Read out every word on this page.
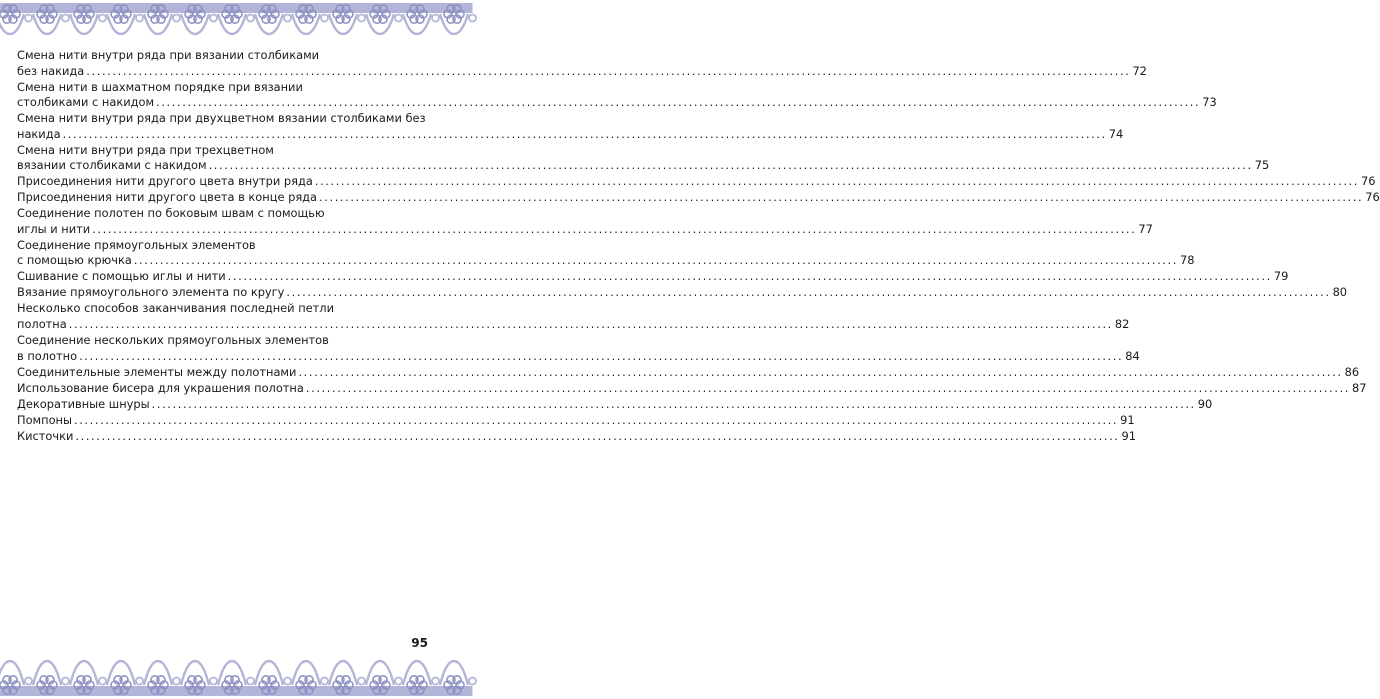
Смена нити внутри ряда при вязании столбиками
без накида ........................................................................................................................................................................................................ 72
Смена нити в шахматном порядке при вязании
столбиками с накидом ........................................................................................................................................................................................................ 73
Смена нити внутри ряда при двухцветном вязании столбиками без
накида ........................................................................................................................................................................................................ 74
Смена нити внутри ряда при трехцветном
вязании столбиками с накидом ........................................................................................................................................................................................................ 75
Присоединения нити другого цвета внутри ряда ........................................................................................................................................................................................................ 76
Присоединения нити другого цвета в конце ряда ........................................................................................................................................................................................................ 76
Соединение полотен по боковым швам с помощью
иглы и нити ........................................................................................................................................................................................................ 77
Соединение прямоугольных элементов
с помощью крючка ........................................................................................................................................................................................................ 78
Сшивание с помощью иглы и нити ........................................................................................................................................................................................................ 79
Вязание прямоугольного элемента по кругу ........................................................................................................................................................................................................ 80
Несколько способов заканчивания последней петли
полотна ........................................................................................................................................................................................................ 82
Соединение нескольких прямоугольных элементов
в полотно ........................................................................................................................................................................................................ 84
Соединительные элементы между полотнами ........................................................................................................................................................................................................ 86
Использование бисера для украшения полотна ........................................................................................................................................................................................................ 87
Декоративные шнуры ........................................................................................................................................................................................................ 90
Помпоны ........................................................................................................................................................................................................ 91
Кисточки ........................................................................................................................................................................................................ 91
95
